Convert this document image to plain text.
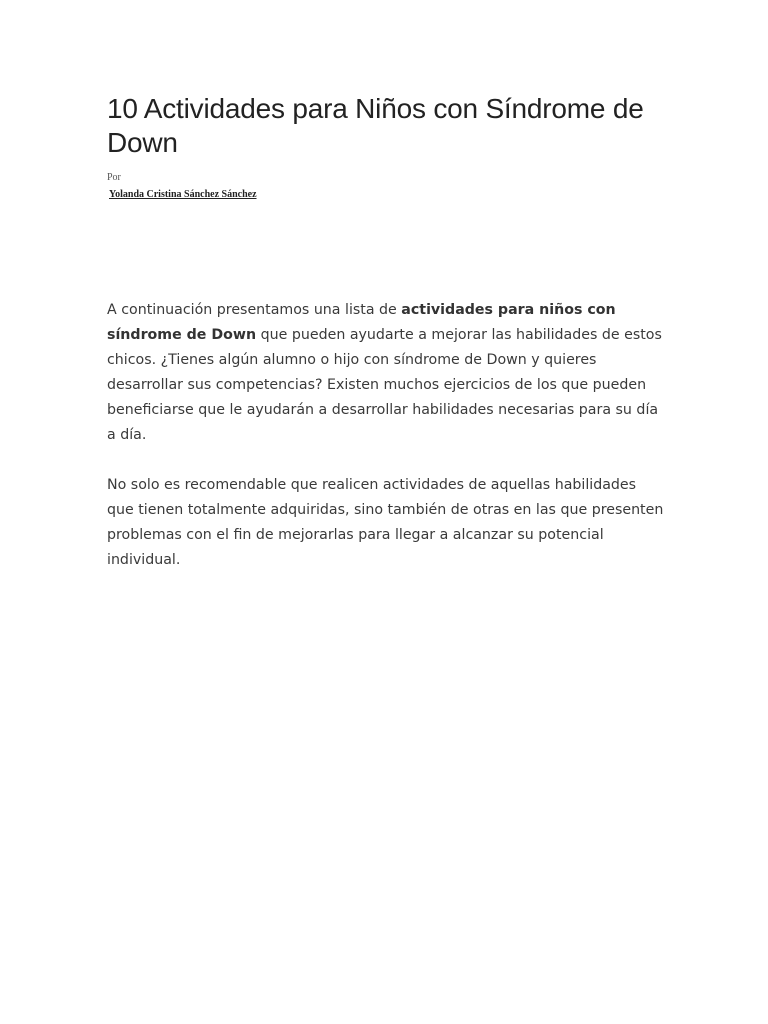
10 Actividades para Niños con Síndrome de Down
Por
Yolanda Cristina Sánchez Sánchez

A continuación presentamos una lista de actividades para niños con síndrome de Down que pueden ayudarte a mejorar las habilidades de estos chicos. ¿Tienes algún alumno o hijo con síndrome de Down y quieres desarrollar sus competencias? Existen muchos ejercicios de los que pueden beneficiarse que le ayudarán a desarrollar habilidades necesarias para su día a día.

No solo es recomendable que realicen actividades de aquellas habilidades que tienen totalmente adquiridas, sino también de otras en las que presenten problemas con el fin de mejorarlas para llegar a alcanzar su potencial individual.
